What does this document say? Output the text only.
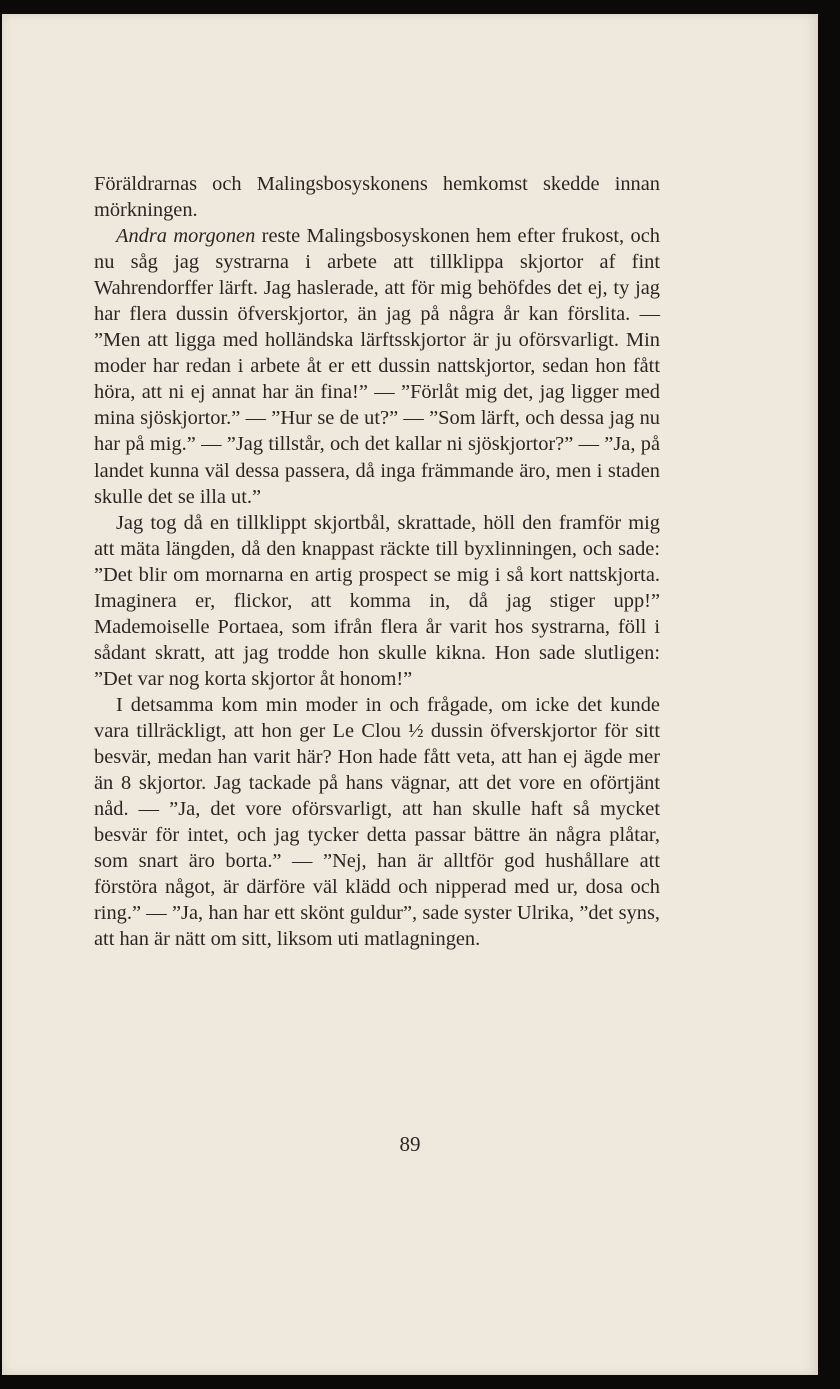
Föräldrarnas och Malingsbosyskonens hemkomst skedde innan mörkningen.

Andra morgonen reste Malingsbosyskonen hem efter frukost, och nu såg jag systrarna i arbete att tillklippa skjortor af fint Wahrendorffer lärft. Jag haslerade, att för mig behöfdes det ej, ty jag har flera dussin öfverskjortor, än jag på några år kan förslita. — ”Men att ligga med holländska lärftsskjortor är ju oförsvarligt. Min moder har redan i arbete åt er ett dussin nattskjortor, sedan hon fått höra, att ni ej annat har än fina!” — ”Förlåt mig det, jag ligger med mina sjöskjortor.” — ”Hur se de ut?” — ”Som lärft, och dessa jag nu har på mig.” — ”Jag tillstår, och det kallar ni sjöskjortor?” — ”Ja, på landet kunna väl dessa passera, då inga främmande äro, men i staden skulle det se illa ut.”

Jag tog då en tillklippt skjortbål, skrattade, höll den framför mig att mäta längden, då den knappast räckte till byxlinningen, och sade: ”Det blir om mornarna en artig prospect se mig i så kort nattskjorta. Imaginera er, flickor, att komma in, då jag stiger upp!” Mademoiselle Portaea, som ifrån flera år varit hos systrarna, föll i sådant skratt, att jag trodde hon skulle kikna. Hon sade slutligen: ”Det var nog korta skjortor åt honom!”

I detsamma kom min moder in och frågade, om icke det kunde vara tillräckligt, att hon ger Le Clou ½ dussin öfverskjortor för sitt besvär, medan han varit här? Hon hade fått veta, att han ej ägde mer än 8 skjortor. Jag tackade på hans vägnar, att det vore en oförtjänt nåd. — ”Ja, det vore oförsvarligt, att han skulle haft så mycket besvär för intet, och jag tycker detta passar bättre än några plåtar, som snart äro borta.” — ”Nej, han är alltför god hushållare att förstöra något, är därföre väl klädd och nipperad med ur, dosa och ring.” — ”Ja, han har ett skönt guldur”, sade syster Ulrika, ”det syns, att han är nätt om sitt, liksom uti matlagningen.

89
